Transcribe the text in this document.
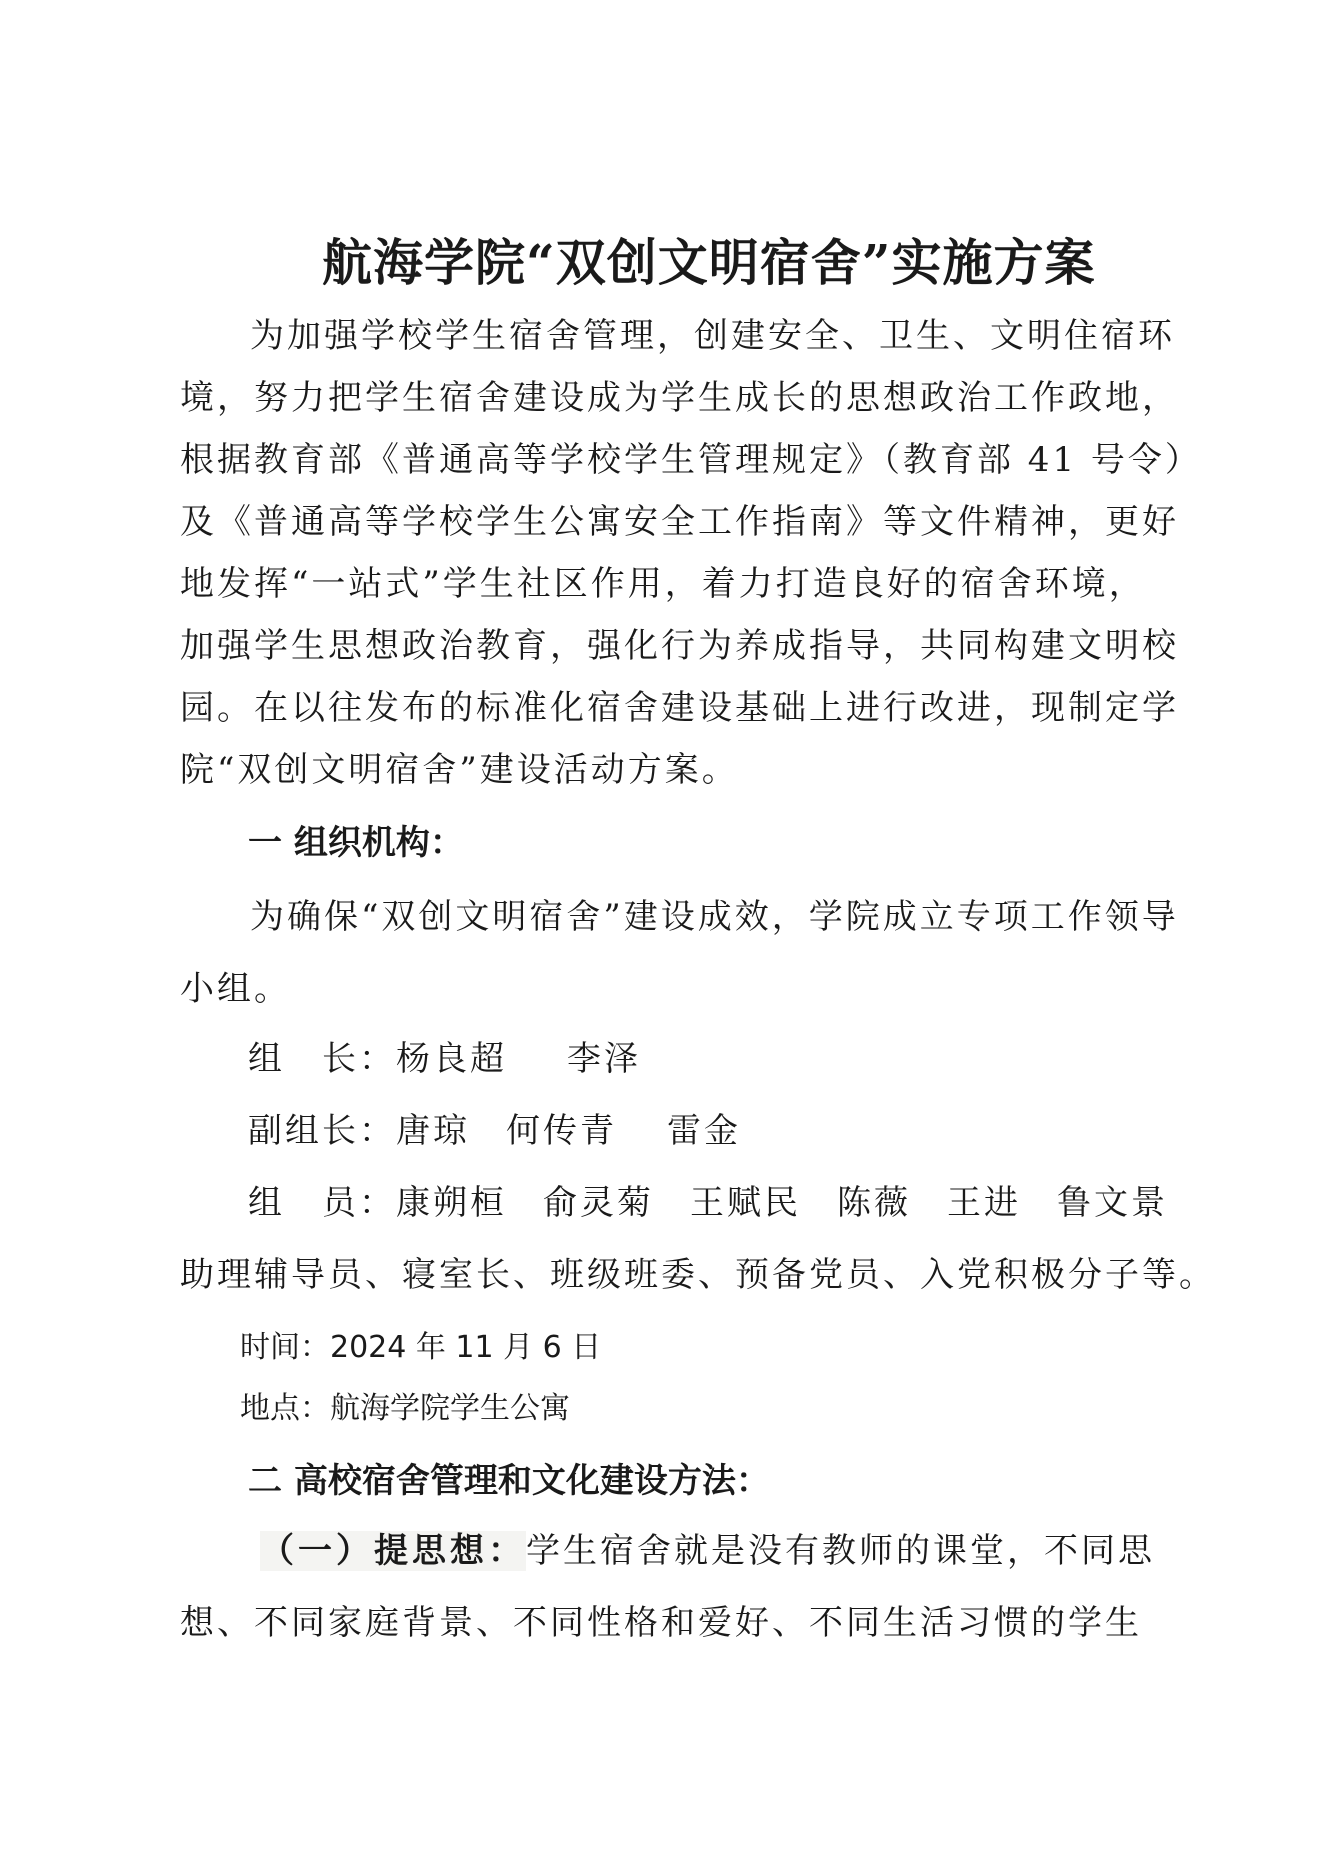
航海学院“双创文明宿舍”实施方案
为加强学校学生宿舍管理，创建安全、卫生、文明住宿环
境，努力把学生宿舍建设成为学生成长的思想政治工作政地，
根据教育部《普通高等学校学生管理规定》（教育部 41 号令）
及《普通高等学校学生公寓安全工作指南》等文件精神，更好
地发挥“一站式”学生社区作用，着力打造良好的宿舍环境，
加强学生思想政治教育，强化行为养成指导，共同构建文明校
园。在以往发布的标准化宿舍建设基础上进行改进，现制定学
院“双创文明宿舍”建设活动方案。
一 组织机构：
为确保“双创文明宿舍”建设成效，学院成立专项工作领导
小组。
组　长：杨良超 李泽
副组长：唐琼 何传青 雷金
组　员：康朔桓 俞灵菊 王赋民 陈薇 王进 鲁文景
助理辅导员、寝室长、班级班委、预备党员、入党积极分子等。
时间：2024 年 11 月 6 日
地点：航海学院学生公寓
二 高校宿舍管理和文化建设方法：
（一）提思想：学生宿舍就是没有教师的课堂，不同思
想、不同家庭背景、不同性格和爱好、不同生活习惯的学生
